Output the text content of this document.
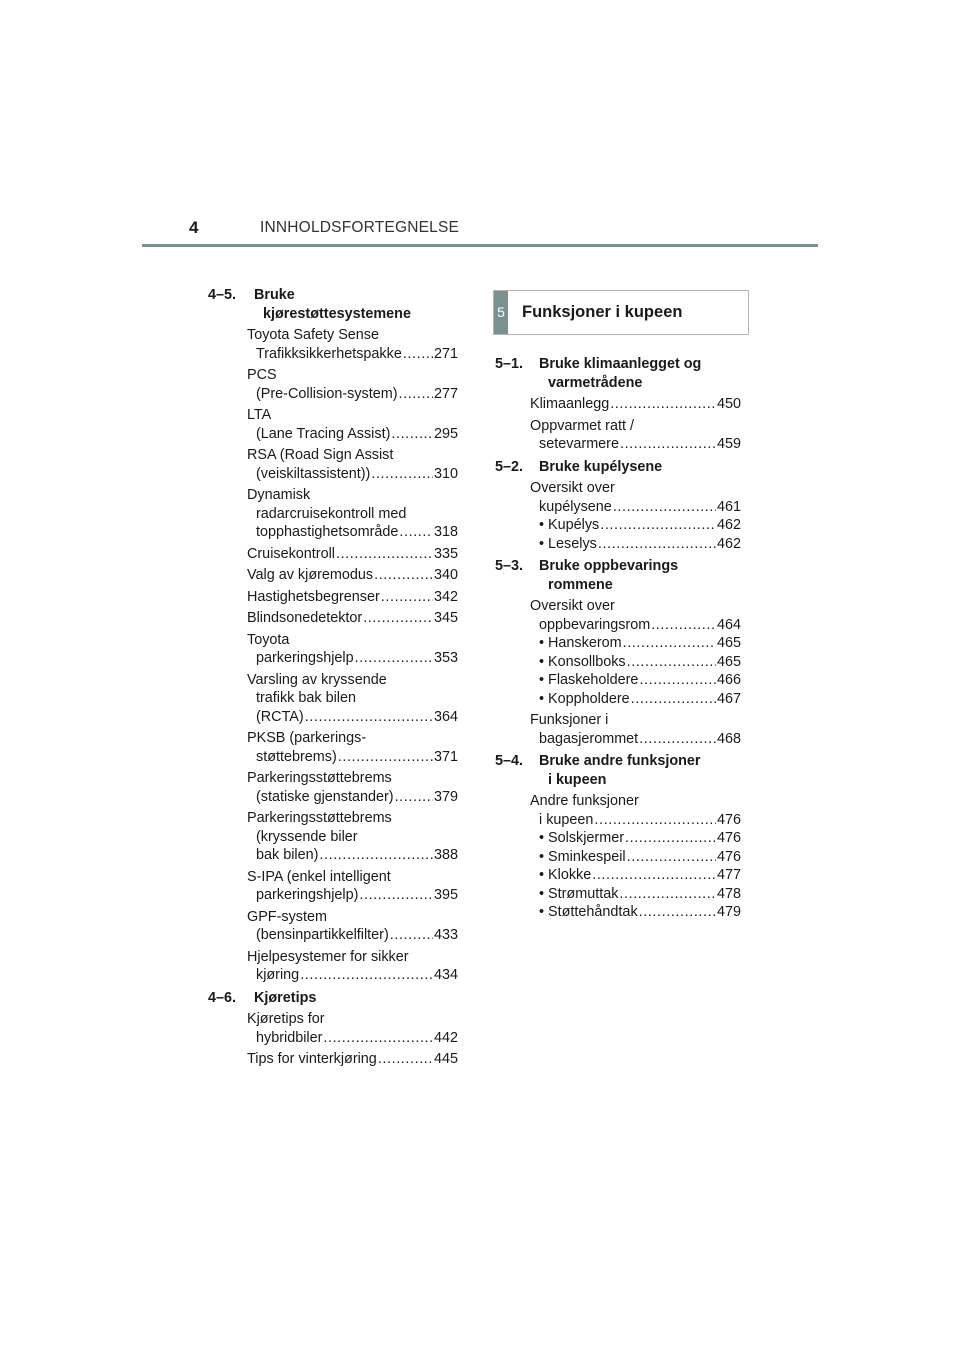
4	INNHOLDSFORTEGNELSE
5 Funksjoner i kupeen
4–5. Bruke
kjørestøttesystemene
Toyota Safety Sense
Trafikksikkerhetspakke ..... 271
PCS
(Pre-Collision-system) .....	277
LTA
(Lane Tracing Assist) .....	295
RSA (Road Sign Assist
(veiskiltassistent)) .....	310
Dynamisk
radarcruisekontroll med
topphastighetsområde ..... 318
Cruisekontroll .....	335
Valg av kjøremodus .....	340
Hastighetsbegrenser .....	342
Blindsonedetektor .....	345
Toyota
parkeringshjelp .....	353
Varsling av kryssende
trafikk bak bilen
(RCTA) .....	364
PKSB (parkerings-
støttebrems) .....	371
Parkeringsstøttebrems
(statiske gjenstander) .....	379
Parkeringsstøttebrems
(kryssende biler
bak bilen) .....	388
S-IPA (enkel intelligent
parkeringshjelp) .....	395
GPF-system
(bensinpartikkelfilter) .....	433
Hjelpesystemer for sikker
kjøring .....	434
4–6. Kjøretips
Kjøretips for
hybridbiler .....	442
Tips for vinterkjøring .....	445
5–1. Bruke klimaanlegget og
varmetrådene
Klimaanlegg .....	450
Oppvarmet ratt /
setevarmere .....	459
5–2. Bruke kupélysene
Oversikt over
kupélysene .....	461
• Kupélys .....	462
• Leselys .....	462
5–3. Bruke oppbevarings
rommene
Oversikt over
oppbevaringsrom .....	464
• Hanskerom .....	465
• Konsollboks .....	465
• Flaskeholdere .....	466
• Koppholdere .....	467
Funksjoner i
bagasjerommet .....	468
5–4. Bruke andre funksjoner
i kupeen
Andre funksjoner
i kupeen .....	476
• Solskjermer .....	476
• Sminkespeil .....	476
• Klokke .....	477
• Strømuttak .....	478
• Støttehåndtak .....	479
